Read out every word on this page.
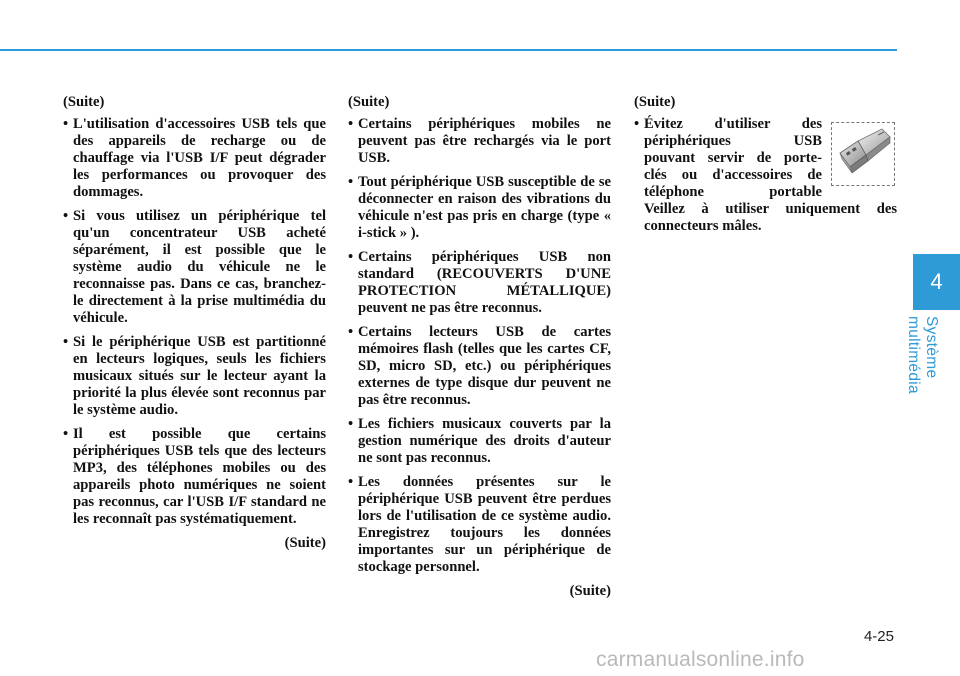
(Suite)
• L'utilisation d'accessoires USB tels que des appareils de recharge ou de chauffage via l'USB I/F peut dégrader les performances ou provoquer des dommages.
• Si vous utilisez un périphérique tel qu'un concentrateur USB acheté séparément, il est possible que le système audio du véhicule ne le reconnaisse pas. Dans ce cas, branchez-le directement à la prise multimédia du véhicule.
• Si le périphérique USB est partitionné en lecteurs logiques, seuls les fichiers musicaux situés sur le lecteur ayant la priorité la plus élevée sont reconnus par le système audio.
• Il est possible que certains périphériques USB tels que des lecteurs MP3, des téléphones mobiles ou des appareils photo numériques ne soient pas reconnus, car l'USB I/F standard ne les reconnaît pas systématiquement.
(Suite)
(Suite)
• Certains périphériques mobiles ne peuvent pas être rechargés via le port USB.
• Tout périphérique USB susceptible de se déconnecter en raison des vibrations du véhicule n'est pas pris en charge (type « i-stick » ).
• Certains périphériques USB non standard (RECOUVERTS D'UNE PROTECTION MÉTALLIQUE) peuvent ne pas être reconnus.
• Certains lecteurs USB de cartes mémoires flash (telles que les cartes CF, SD, micro SD, etc.) ou périphériques externes de type disque dur peuvent ne pas être reconnus.
• Les fichiers musicaux couverts par la gestion numérique des droits d'auteur ne sont pas reconnus.
• Les données présentes sur le périphérique USB peuvent être perdues lors de l'utilisation de ce système audio. Enregistrez toujours les données importantes sur un périphérique de stockage personnel.
(Suite)
(Suite)
• Évitez d'utiliser des
périphériques USB
pouvant servir de porte-
clés ou d'accessoires de
téléphone portable
Veillez à utiliser uniquement des connecteurs mâles.
4
Système multimédia
4-25
carmanualsonline.info
